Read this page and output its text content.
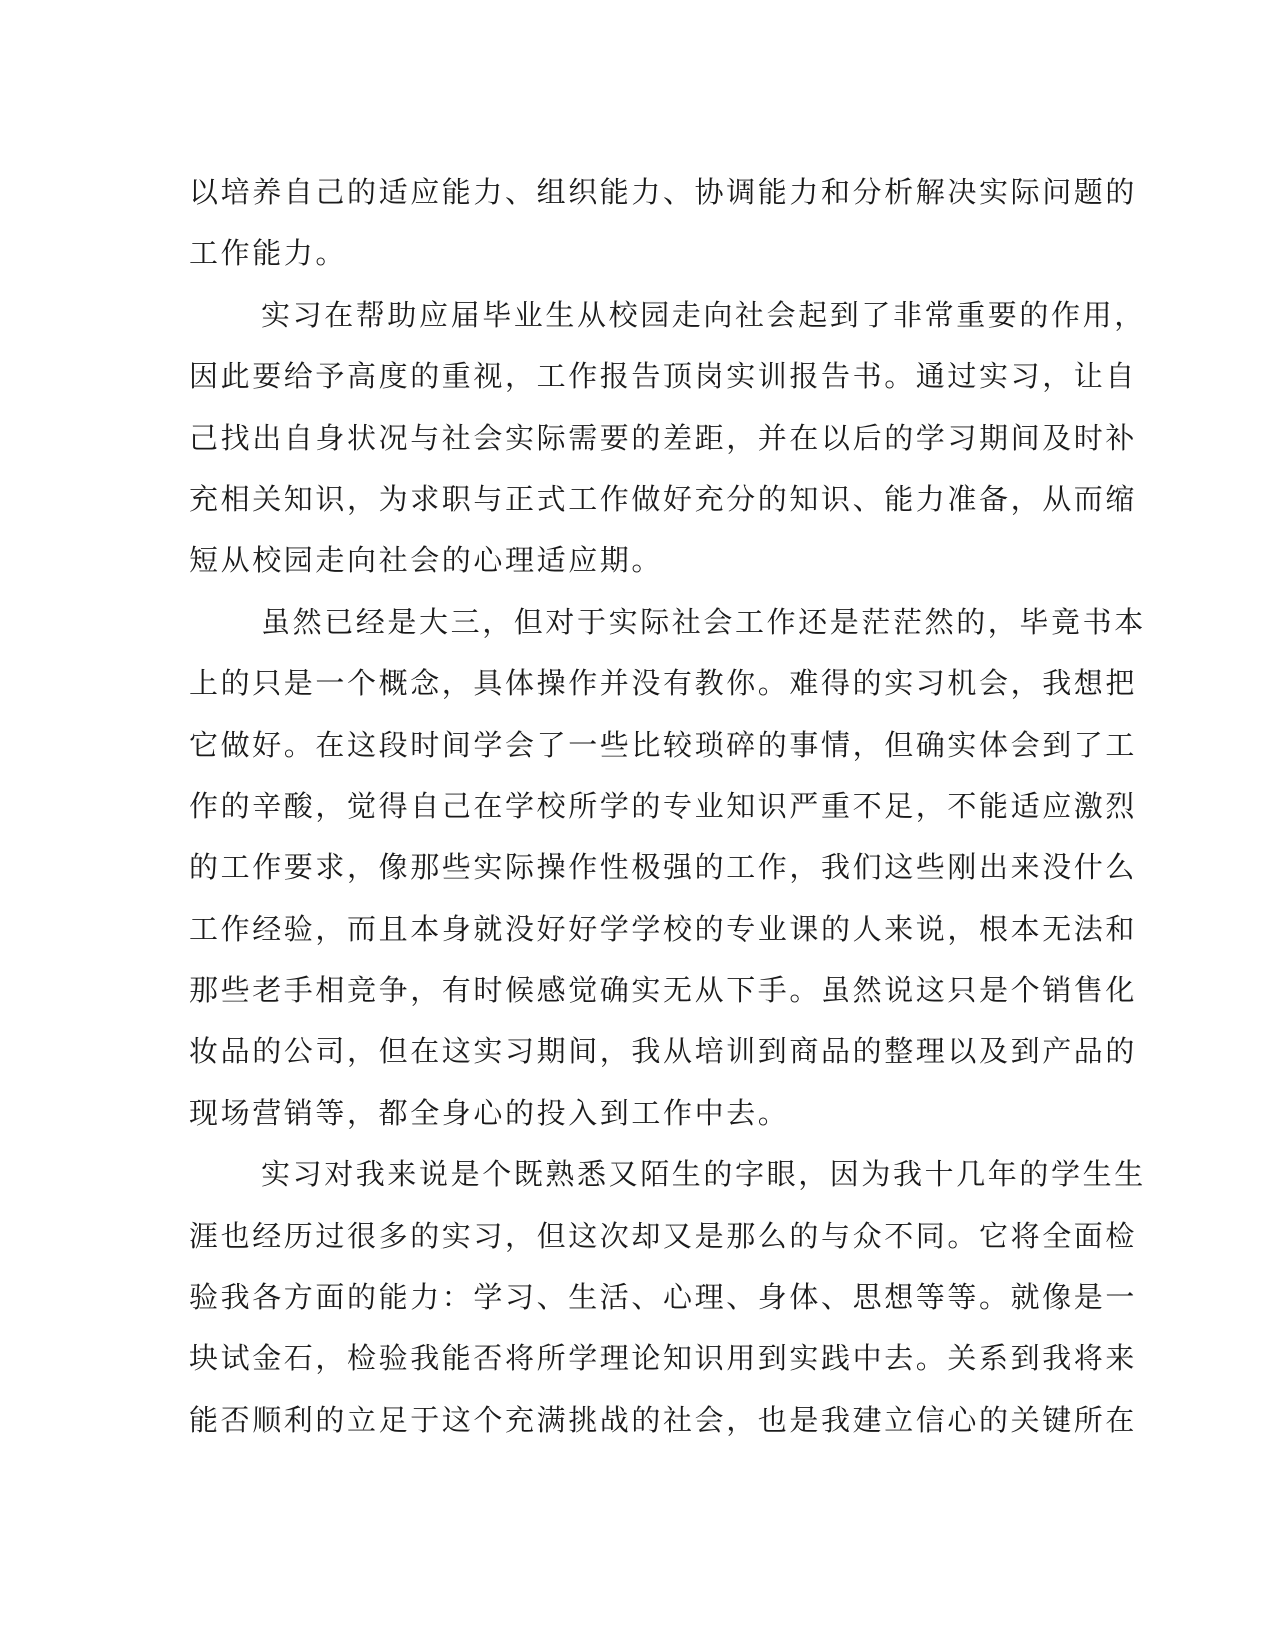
以培养自己的适应能力、组织能力、协调能力和分析解决实际问题的
工作能力。
实习在帮助应届毕业生从校园走向社会起到了非常重要的作用，
因此要给予高度的重视，工作报告顶岗实训报告书。通过实习，让自
己找出自身状况与社会实际需要的差距，并在以后的学习期间及时补
充相关知识，为求职与正式工作做好充分的知识、能力准备，从而缩
短从校园走向社会的心理适应期。
虽然已经是大三，但对于实际社会工作还是茫茫然的，毕竟书本
上的只是一个概念，具体操作并没有教你。难得的实习机会，我想把
它做好。在这段时间学会了一些比较琐碎的事情，但确实体会到了工
作的辛酸，觉得自己在学校所学的专业知识严重不足，不能适应激烈
的工作要求，像那些实际操作性极强的工作，我们这些刚出来没什么
工作经验，而且本身就没好好学学校的专业课的人来说，根本无法和
那些老手相竞争，有时候感觉确实无从下手。虽然说这只是个销售化
妆品的公司，但在这实习期间，我从培训到商品的整理以及到产品的
现场营销等，都全身心的投入到工作中去。
实习对我来说是个既熟悉又陌生的字眼，因为我十几年的学生生
涯也经历过很多的实习，但这次却又是那么的与众不同。它将全面检
验我各方面的能力：学习、生活、心理、身体、思想等等。就像是一
块试金石，检验我能否将所学理论知识用到实践中去。关系到我将来
能否顺利的立足于这个充满挑战的社会，也是我建立信心的关键所在
